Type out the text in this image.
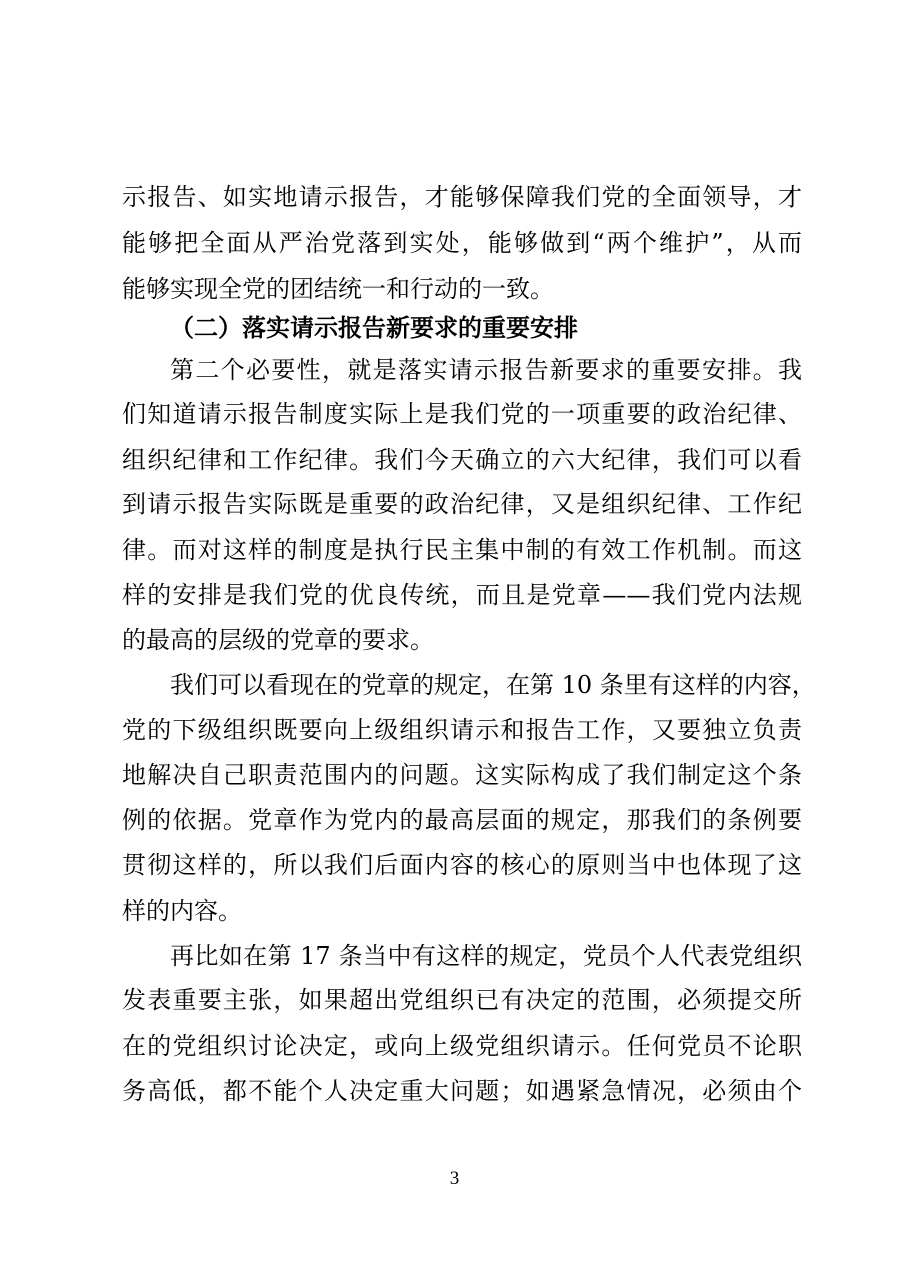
示报告、如实地请示报告，才能够保障我们党的全面领导，才
能够把全面从严治党落到实处，能够做到“两个维护”，从而
能够实现全党的团结统一和行动的一致。
（二）落实请示报告新要求的重要安排
第二个必要性，就是落实请示报告新要求的重要安排。我
们知道请示报告制度实际上是我们党的一项重要的政治纪律、
组织纪律和工作纪律。我们今天确立的六大纪律，我们可以看
到请示报告实际既是重要的政治纪律，又是组织纪律、工作纪
律。而对这样的制度是执行民主集中制的有效工作机制。而这
样的安排是我们党的优良传统，而且是党章——我们党内法规
的最高的层级的党章的要求。
我们可以看现在的党章的规定，在第 10 条里有这样的内容，
党的下级组织既要向上级组织请示和报告工作，又要独立负责
地解决自己职责范围内的问题。这实际构成了我们制定这个条
例的依据。党章作为党内的最高层面的规定，那我们的条例要
贯彻这样的，所以我们后面内容的核心的原则当中也体现了这
样的内容。
再比如在第 17 条当中有这样的规定，党员个人代表党组织
发表重要主张，如果超出党组织已有决定的范围，必须提交所
在的党组织讨论决定，或向上级党组织请示。任何党员不论职
务高低，都不能个人决定重大问题；如遇紧急情况，必须由个
3
